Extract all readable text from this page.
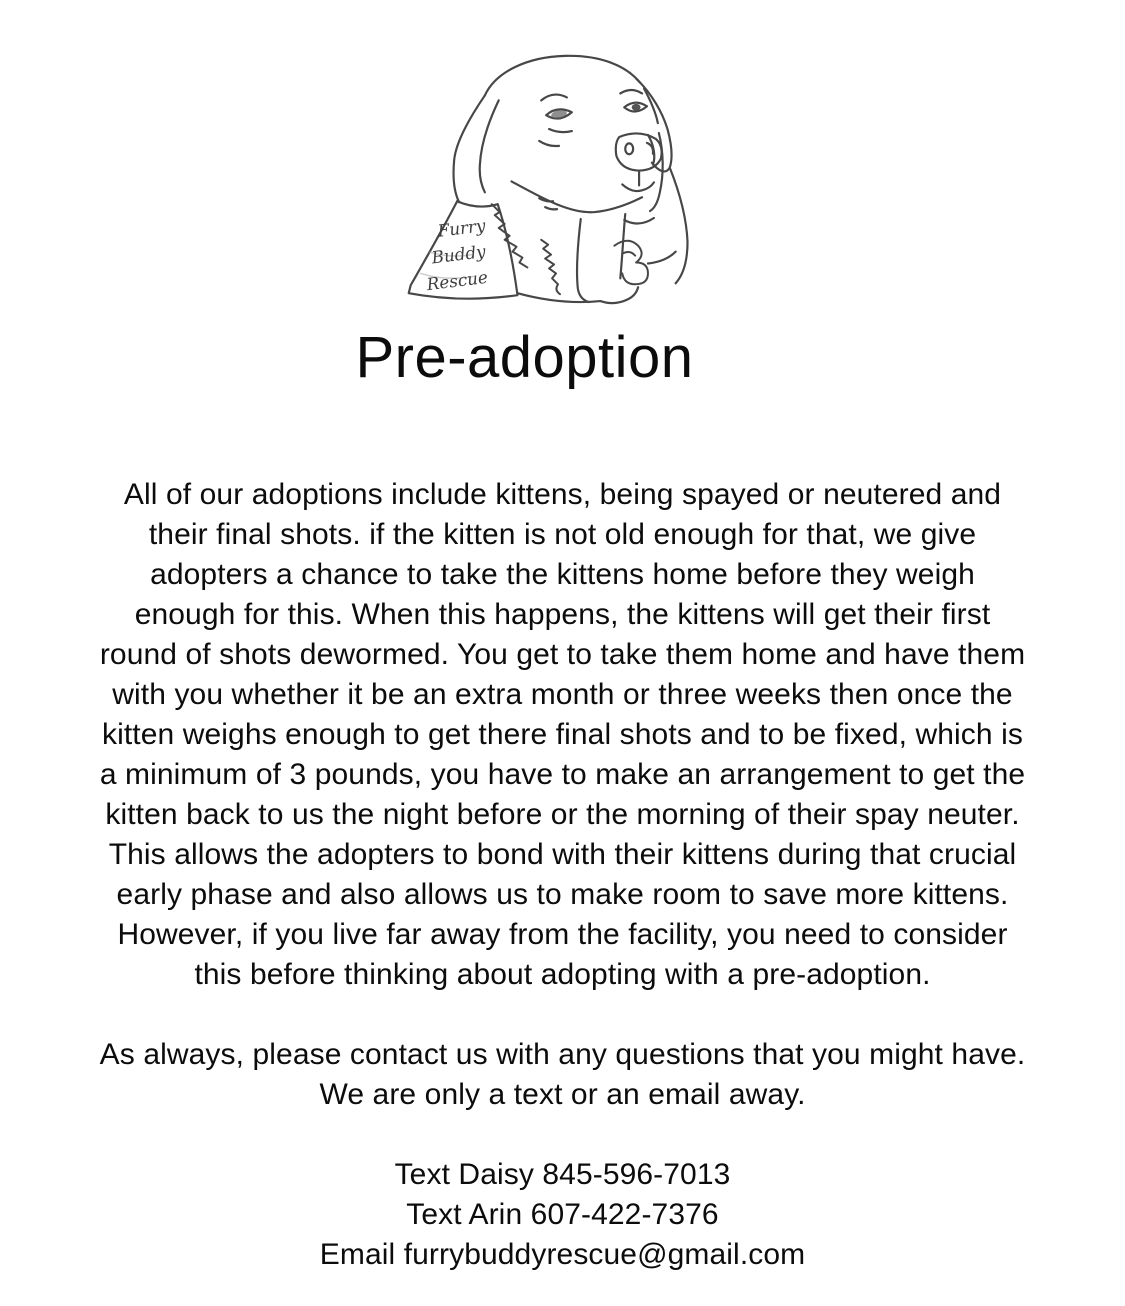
Furry
Buddy
Rescue
Pre-adoption

All of our adoptions include kittens, being spayed or neutered and
their final shots. if the kitten is not old enough for that, we give
adopters a chance to take the kittens home before they weigh
enough for this. When this happens, the kittens will get their first
round of shots dewormed. You get to take them home and have them
with you whether it be an extra month or three weeks then once the
kitten weighs enough to get there final shots and to be fixed, which is
a minimum of 3 pounds, you have to make an arrangement to get the
kitten back to us the night before or the morning of their spay neuter.
This allows the adopters to bond with their kittens during that crucial
early phase and also allows us to make room to save more kittens.
However, if you live far away from the facility, you need to consider
this before thinking about adopting with a pre-adoption.

As always, please contact us with any questions that you might have.
We are only a text or an email away.

Text Daisy 845-596-7013
Text Arin 607-422-7376
Email furrybuddyrescue@gmail.com
